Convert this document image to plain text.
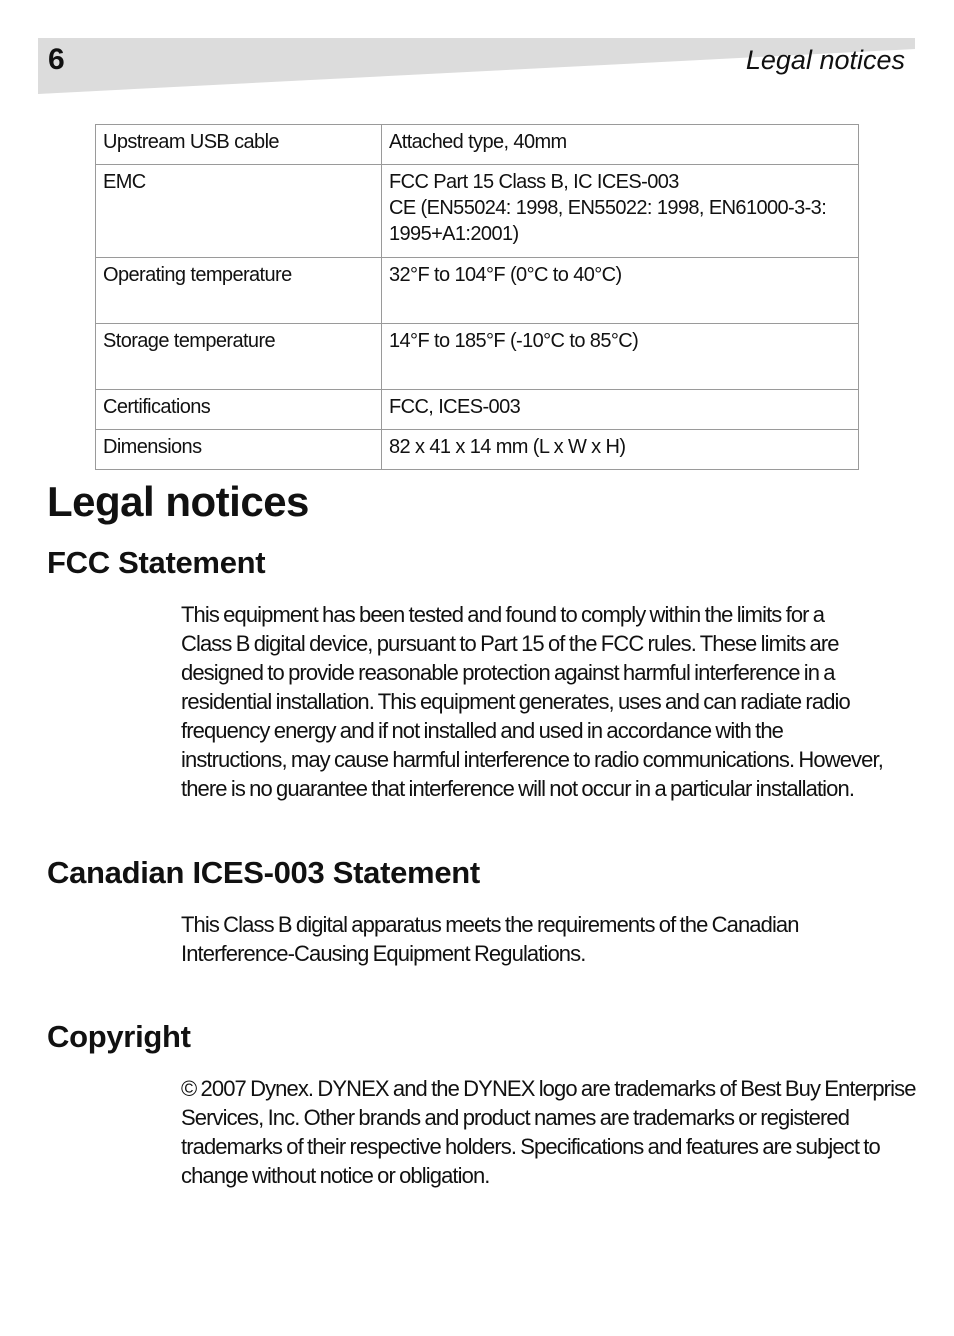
6	Legal notices
Upstream USB cable	Attached type, 40mm

EMC	FCC Part 15 Class B, IC ICES-003
CE (EN55024: 1998, EN55022: 1998, EN61000-3-3:
1995+A1:2001)

Operating temperature	32°F to 104°F (0°C to 40°C)

Storage temperature	14°F to 185°F (-10°C to 85°C)

Certifications	FCC, ICES-003

Dimensions	82 x 41 x 14 mm (L x W x H)
Legal notices
FCC Statement
This equipment has been tested and found to comply within the limits for a
Class B digital device, pursuant to Part 15 of the FCC rules. These limits are
designed to provide reasonable protection against harmful interference in a
residential installation. This equipment generates, uses and can radiate radio
frequency energy and if not installed and used in accordance with the
instructions, may cause harmful interference to radio communications. However,
there is no guarantee that interference will not occur in a particular installation.
Canadian ICES-003 Statement
This Class B digital apparatus meets the requirements of the Canadian
Interference-Causing Equipment Regulations.
Copyright
© 2007 Dynex. DYNEX and the DYNEX logo are trademarks of Best Buy Enterprise
Services, Inc. Other brands and product names are trademarks or registered
trademarks of their respective holders. Specifications and features are subject to
change without notice or obligation.
